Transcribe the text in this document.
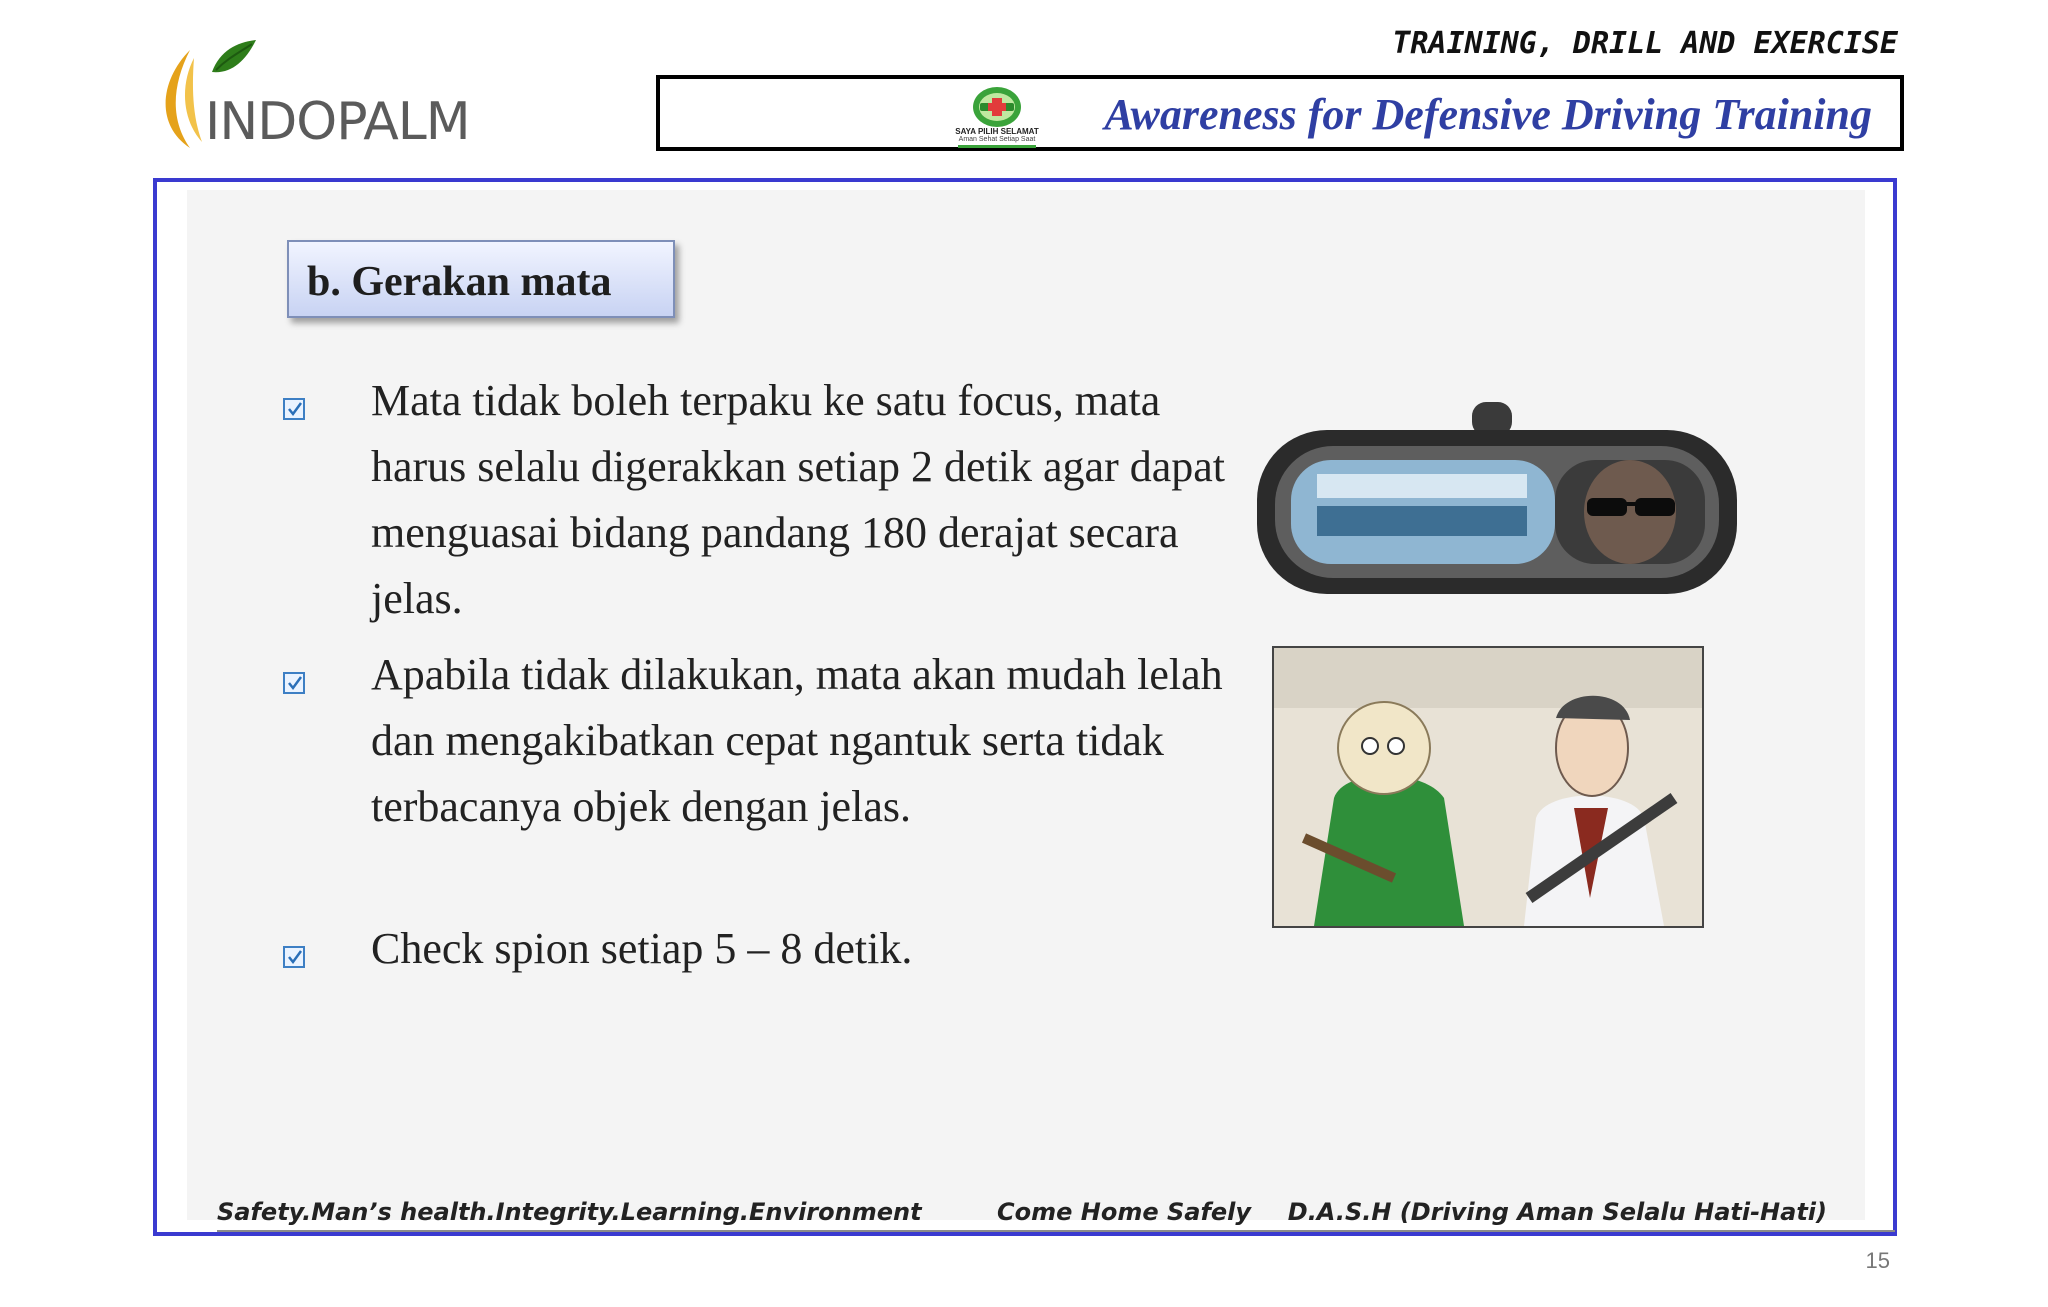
INDOPALM
TRAINING, DRILL AND EXERCISE
SAYA PILIH SELAMAT
Aman Sehat Setiap Saat
Awareness for Defensive Driving Training
b. Gerakan mata
Mata tidak boleh terpaku ke satu focus, mata harus selalu digerakkan setiap 2 detik agar dapat menguasai bidang pandang 180 derajat secara jelas.
Apabila tidak dilakukan, mata akan mudah lelah dan mengakibatkan cepat ngantuk serta tidak terbacanya objek dengan jelas.
Check spion setiap 5 – 8 detik.
Safety.Man’s health.Integrity.Learning.Environment	Come Home Safely D.A.S.H (Driving Aman Selalu Hati-Hati)
15
